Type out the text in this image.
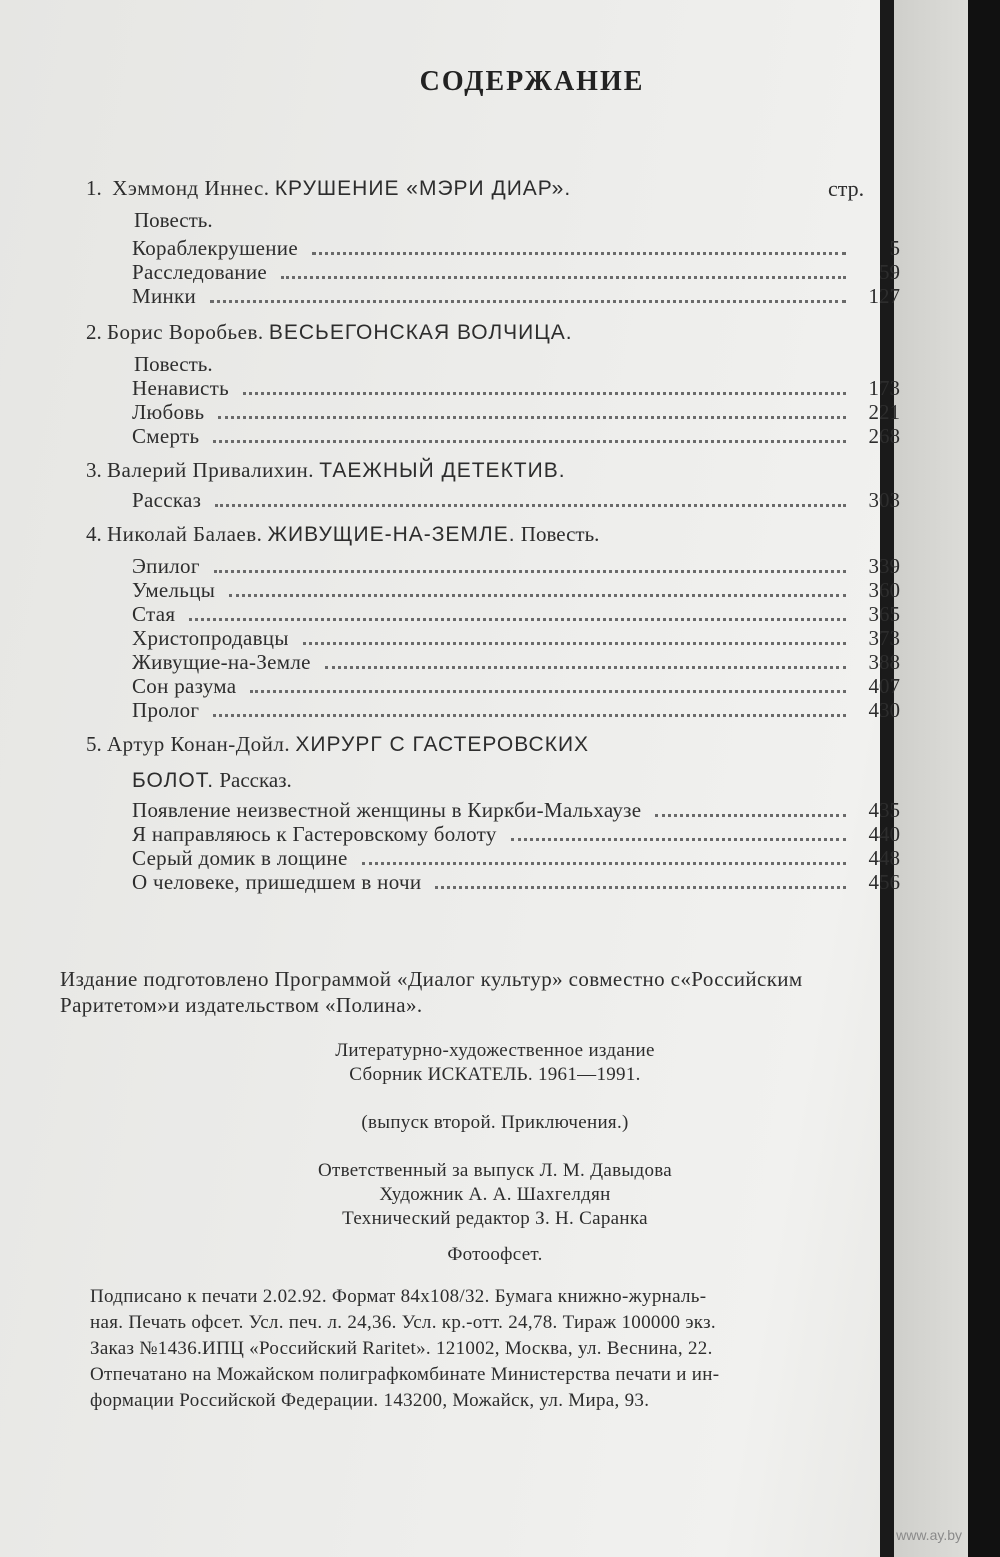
СОДЕРЖАНИЕ
стр.
1. Хэммонд Иннес. КРУШЕНИЕ «МЭРИ ДИАР».
Повесть.
Кораблекрушение	5
Расследование	59
Минки	127
2. Борис Воробьев. ВЕСЬЕГОНСКАЯ ВОЛЧИЦА.
Повесть.
Ненависть	173
Любовь	221
Смерть	268
3. Валерий Привалихин. ТАЕЖНЫЙ ДЕТЕКТИВ.
Рассказ	303
4. Николай Балаев. ЖИВУЩИЕ-НА-ЗЕМЛЕ. Повесть.
Эпилог	339
Умельцы	360
Стая	365
Христопродавцы	373
Живущие-на-Земле	388
Сон разума	407
Пролог	430
5. Артур Конан-Дойл. ХИРУРГ С ГАСТЕРОВСКИХ
БОЛОТ. Рассказ.
Появление неизвестной женщины в Киркби-Мальхаузе	435
Я направляюсь к Гастеровскому болоту	440
Серый домик в лощине	448
О человеке, пришедшем в ночи	456
Издание подготовлено Программой «Диалог культур» совместно с«Российским Раритетом»и издательством «Полина».
Литературно-художественное издание
Сборник ИСКАТЕЛЬ. 1961—1991.
(выпуск второй. Приключения.)
Ответственный за выпуск Л. М. Давыдова
Художник А. А. Шахгелдян
Технический редактор З. Н. Саранка
Фотоофсет.
Подписано к печати 2.02.92. Формат 84x108/32. Бумага книжно-журналь-
ная. Печать офсет. Усл. печ. л. 24,36. Усл. кр.-отт. 24,78. Тираж 100000 экз.
Заказ №1436.ИПЦ «Российский Raritet». 121002, Москва, ул. Веснина, 22.
Отпечатано на Можайском полиграфкомбинате Министерства печати и ин-
формации Российской Федерации. 143200, Можайск, ул. Мира, 93.
www.ay.by
